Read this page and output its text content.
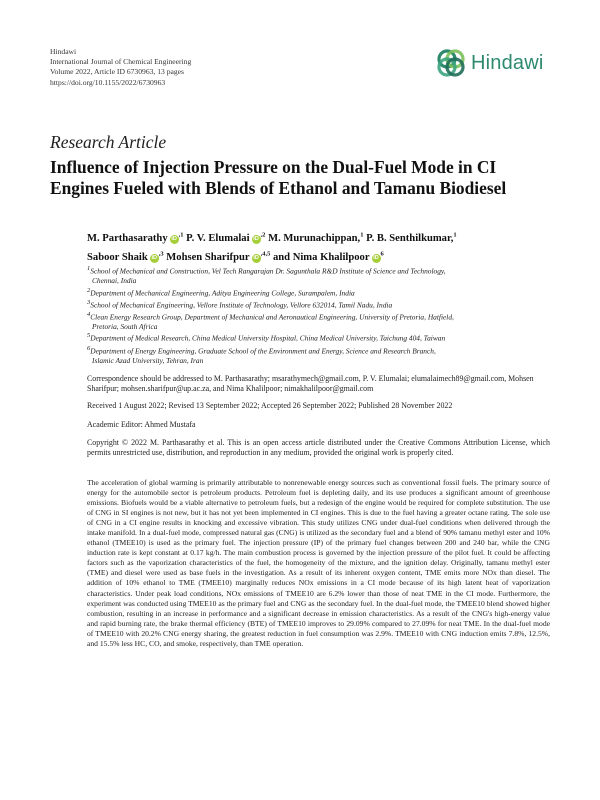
Hindawi
International Journal of Chemical Engineering
Volume 2022, Article ID 6730963, 13 pages
https://doi.org/10.1155/2022/6730963
Hindawi
Research Article
Influence of Injection Pressure on the Dual-Fuel Mode in CI Engines Fueled with Blends of Ethanol and Tamanu Biodiesel
M. Parthasarathy $iD^{,1}$ P. V. Elumalai $iD^{,2}$ M. Murunachippan,$^1$ P. B. Senthilkumar,$^1$
Saboor Shaik $iD^{,3}$ Mohsen Sharifpur $iD^{,4,5}$ and Nima Khalilpoor $iD^6$
$^1$School of Mechanical and Construction, Vel Tech Rangarajan Dr. Sagunthala R&D Institute of Science and Technology,
Chennai, India
$^2$Department of Mechanical Engineering, Aditya Engineering College, Surampalem, India
$^3$School of Mechanical Engineering, Vellore Institute of Technology, Vellore 632014, Tamil Nadu, India
$^4$Clean Energy Research Group, Department of Mechanical and Aeronautical Engineering, University of Pretoria, Hatfield,
Pretoria, South Africa
$^5$Department of Medical Research, China Medical University Hospital, China Medical University, Taichung 404, Taiwan
$^6$Department of Energy Engineering, Graduate School of the Environment and Energy, Science and Research Branch,
Islamic Azad University, Tehran, Iran

Correspondence should be addressed to M. Parthasarathy; msarathymech@gmail.com, P. V. Elumalai; elumalaimech89@gmail.com, Mohsen Sharifpur; mohsen.sharifpur@up.ac.za, and Nima Khalilpoor; nimakhalilpoor@gmail.com

Received 1 August 2022; Revised 13 September 2022; Accepted 26 September 2022; Published 28 November 2022

Academic Editor: Ahmed Mustafa

Copyright © 2022 M. Parthasarathy et al. This is an open access article distributed under the Creative Commons Attribution License, which permits unrestricted use, distribution, and reproduction in any medium, provided the original work is properly cited.

The acceleration of global warming is primarily attributable to nonrenewable energy sources such as conventional fossil fuels. The primary source of energy for the automobile sector is petroleum products. Petroleum fuel is depleting daily, and its use produces a significant amount of greenhouse emissions. Biofuels would be a viable alternative to petroleum fuels, but a redesign of the engine would be required for complete substitution. The use of CNG in SI engines is not new, but it has not yet been implemented in CI engines. This is due to the fuel having a greater octane rating. The sole use of CNG in a CI engine results in knocking and excessive vibration. This study utilizes CNG under dual-fuel conditions when delivered through the intake manifold. In a dual-fuel mode, compressed natural gas (CNG) is utilized as the secondary fuel and a blend of 90% tamanu methyl ester and 10% ethanol (TMEE10) is used as the primary fuel. The injection pressure (IP) of the primary fuel changes between 200 and 240 bar, while the CNG induction rate is kept constant at 0.17 kg/h. The main combustion process is governed by the injection pressure of the pilot fuel. It could be affecting factors such as the vaporization characteristics of the fuel, the homogeneity of the mixture, and the ignition delay. Originally, tamanu methyl ester (TME) and diesel were used as base fuels in the investigation. As a result of its inherent oxygen content, TME emits more NOx than diesel. The addition of 10% ethanol to TME (TMEE10) marginally reduces NOx emissions in a CI mode because of its high latent heat of vaporization characteristics. Under peak load conditions, NOx emissions of TMEE10 are 6.2% lower than those of neat TME in the CI mode. Furthermore, the experiment was conducted using TMEE10 as the primary fuel and CNG as the secondary fuel. In the dual-fuel mode, the TMEE10 blend showed higher combustion, resulting in an increase in performance and a significant decrease in emission characteristics. As a result of the CNG's high-energy value and rapid burning rate, the brake thermal efficiency (BTE) of TMEE10 improves to 29.09% compared to 27.09% for neat TME. In the dual-fuel mode of TMEE10 with 20.2% CNG energy sharing, the greatest reduction in fuel consumption was 2.9%. TMEE10 with CNG induction emits 7.8%, 12.5%, and 15.5% less HC, CO, and smoke, respectively, than TME operation.
